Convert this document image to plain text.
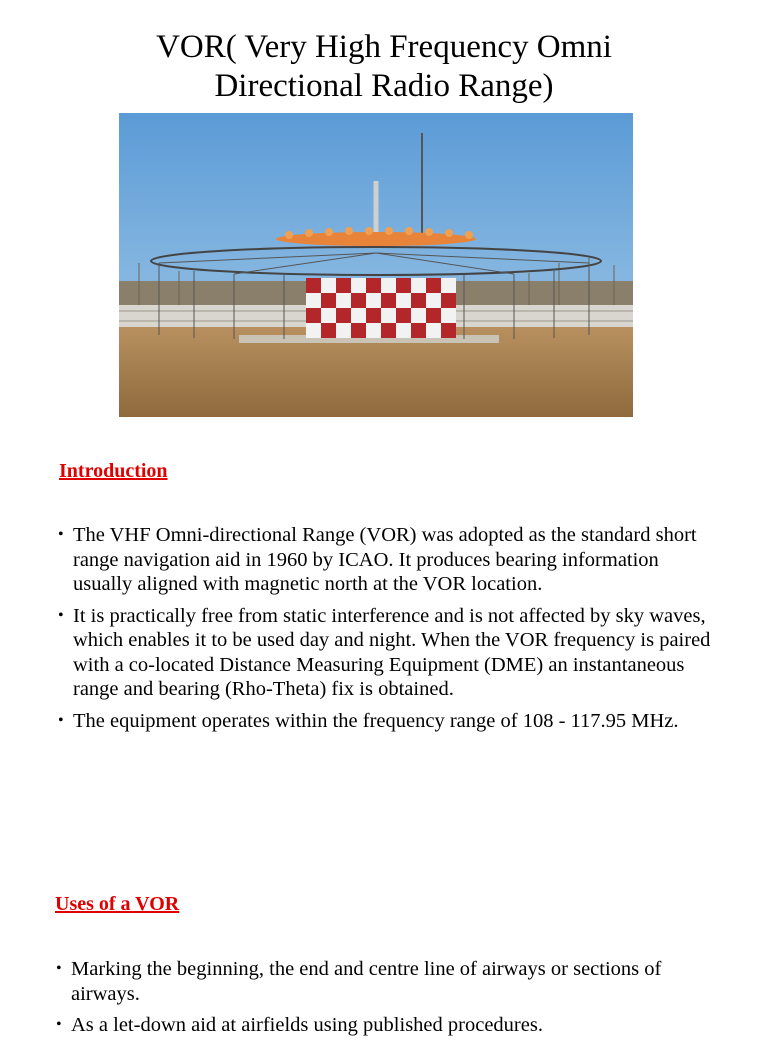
VOR( Very High Frequency Omni
Directional Radio Range)
Introduction
• The VHF Omni-directional Range (VOR) was adopted as the standard short range navigation aid in 1960 by ICAO. It produces bearing information usually aligned with magnetic north at the VOR location.
• It is practically free from static interference and is not affected by sky waves, which enables it to be used day and night. When the VOR frequency is paired with a co-located Distance Measuring Equipment (DME) an instantaneous range and bearing (Rho-Theta) fix is obtained.
• The equipment operates within the frequency range of 108 - 117.95 MHz.
Uses of a VOR
• Marking the beginning, the end and centre line of airways or sections of airways.
• As a let-down aid at airfields using published procedures.
